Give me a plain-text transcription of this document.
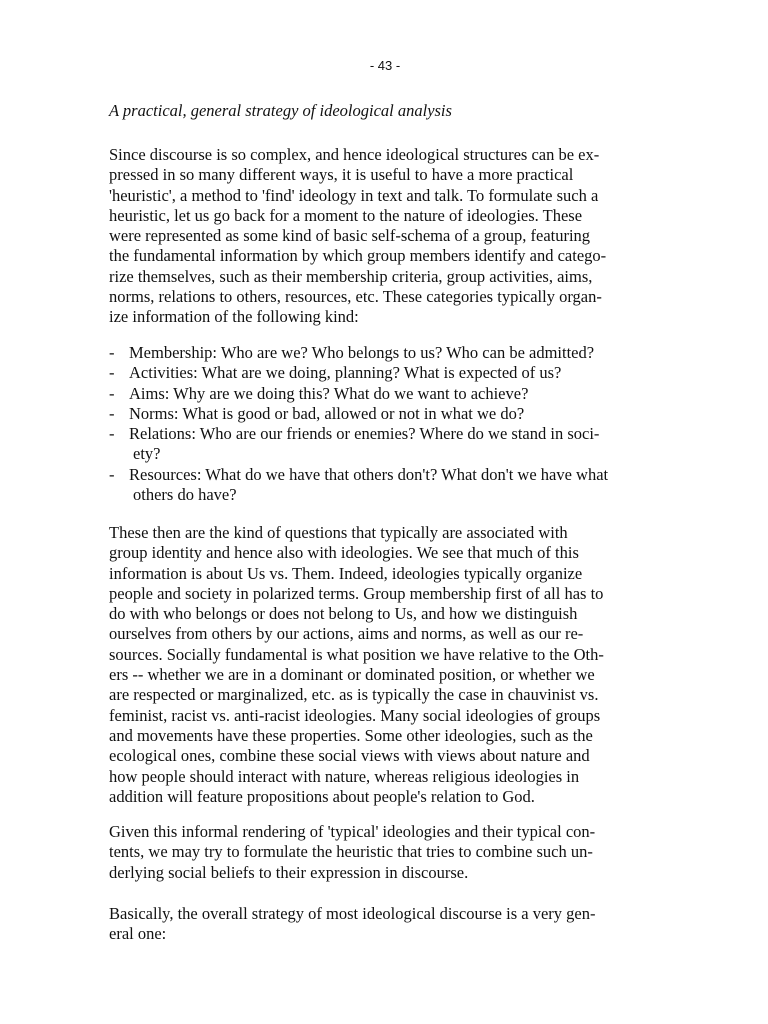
- 43 -
A practical, general strategy of ideological analysis
Since discourse is so complex, and hence ideological structures can be ex-
pressed in so many different ways, it is useful to have a more practical
'heuristic', a method to 'find' ideology in text and talk. To formulate such a
heuristic, let us go back for a moment to the nature of ideologies. These
were represented as some kind of basic self-schema of a group, featuring
the fundamental information by which group members identify and catego-
rize themselves, such as their membership criteria, group activities, aims,
norms, relations to others, resources, etc. These categories typically organ-
ize information of the following kind:
- Membership: Who are we? Who belongs to us? Who can be admitted?
- Activities: What are we doing, planning? What is expected of us?
- Aims: Why are we doing this? What do we want to achieve?
- Norms: What is good or bad, allowed or not in what we do?
- Relations: Who are our friends or enemies? Where do we stand in soci-
ety?
- Resources: What do we have that others don't? What don't we have what
others do have?
These then are the kind of questions that typically are associated with
group identity and hence also with ideologies. We see that much of this
information is about Us vs. Them. Indeed, ideologies typically organize
people and society in polarized terms. Group membership first of all has to
do with who belongs or does not belong to Us, and how we distinguish
ourselves from others by our actions, aims and norms, as well as our re-
sources. Socially fundamental is what position we have relative to the Oth-
ers -- whether we are in a dominant or dominated position, or whether we
are respected or marginalized, etc. as is typically the case in chauvinist vs.
feminist, racist vs. anti-racist ideologies. Many social ideologies of groups
and movements have these properties. Some other ideologies, such as the
ecological ones, combine these social views with views about nature and
how people should interact with nature, whereas religious ideologies in
addition will feature propositions about people's relation to God.
Given this informal rendering of 'typical' ideologies and their typical con-
tents, we may try to formulate the heuristic that tries to combine such un-
derlying social beliefs to their expression in discourse.
Basically, the overall strategy of most ideological discourse is a very gen-
eral one:
